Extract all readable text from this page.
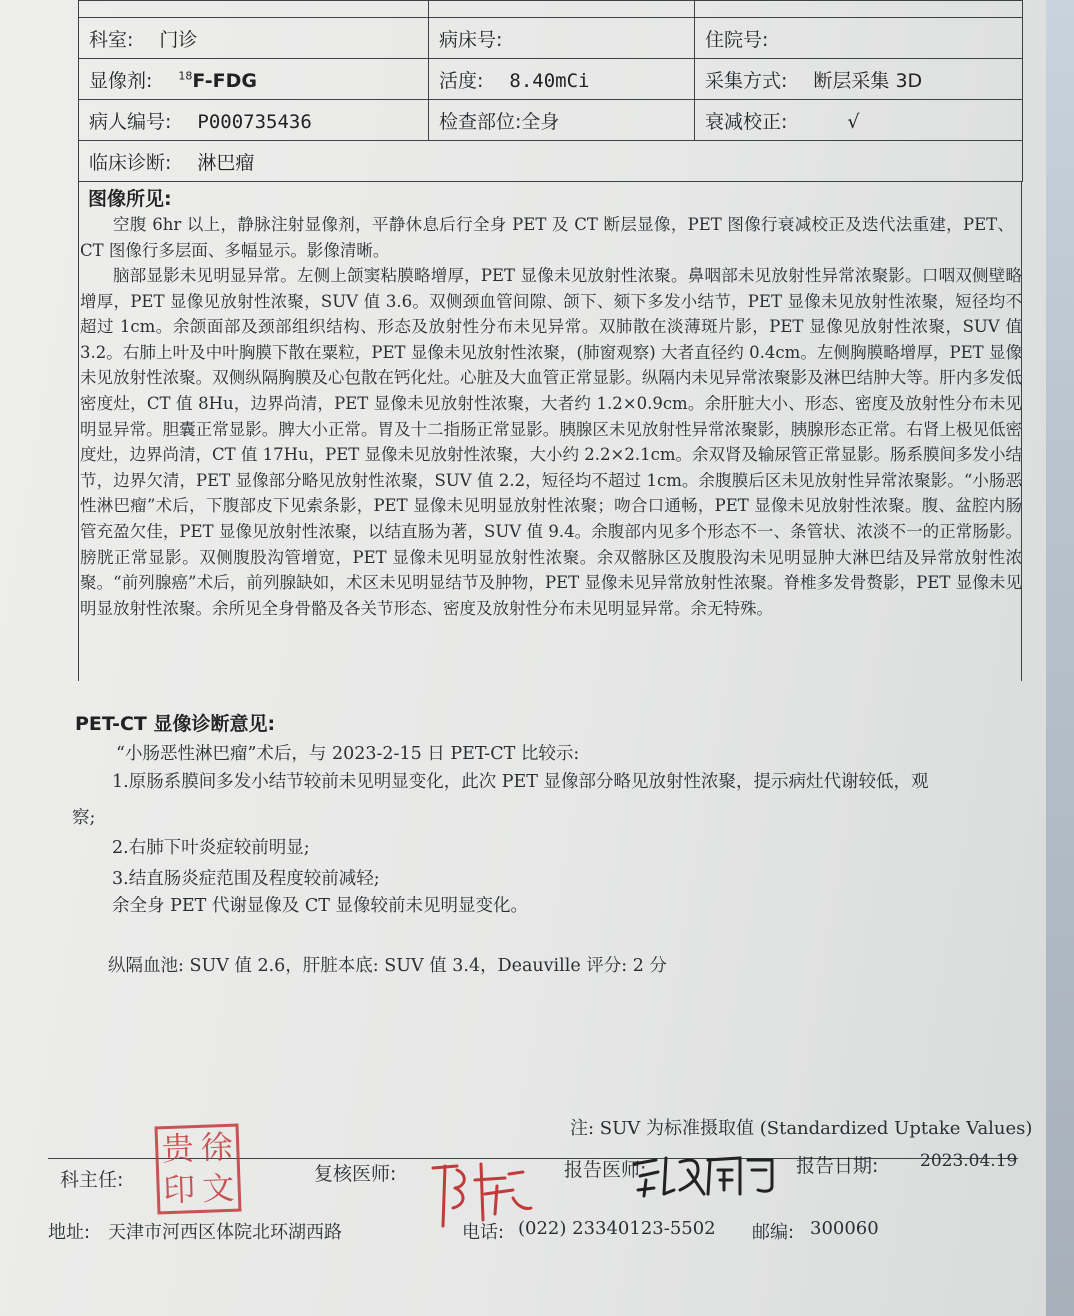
科室: 门诊	病床号:	住院号:
显像剂: $^{18}$F-FDG	活度: 8.40mCi	采集方式: 断层采集 3D
病人编号: P000735436	检查部位:全身	衰减校正: √
临床诊断: 淋巴瘤		
图像所见:

空腹 6hr 以上，静脉注射显像剂，平静休息后行全身 PET 及 CT 断层显像，PET 图像行衰减校正及迭代法重建，PET、CT 图像行多层面、多幅显示。影像清晰。

脑部显影未见明显异常。左侧上颌窦粘膜略增厚，PET 显像未见放射性浓聚。鼻咽部未见放射性异常浓聚影。口咽双侧壁略增厚，PET 显像见放射性浓聚，SUV 值 3.6。双侧颈血管间隙、颌下、颏下多发小结节，PET 显像未见放射性浓聚，短径均不超过 1cm。余颌面部及颈部组织结构、形态及放射性分布未见异常。双肺散在淡薄斑片影，PET 显像见放射性浓聚，SUV 值 3.2。右肺上叶及中叶胸膜下散在粟粒，PET 显像未见放射性浓聚，(肺窗观察) 大者直径约 0.4cm。左侧胸膜略增厚，PET 显像未见放射性浓聚。双侧纵隔胸膜及心包散在钙化灶。心脏及大血管正常显影。纵隔内未见异常浓聚影及淋巴结肿大等。肝内多发低密度灶，CT 值 8Hu，边界尚清，PET 显像未见放射性浓聚，大者约 1.2×0.9cm。余肝脏大小、形态、密度及放射性分布未见明显异常。胆囊正常显影。脾大小正常。胃及十二指肠正常显影。胰腺区未见放射性异常浓聚影，胰腺形态正常。右肾上极见低密度灶，边界尚清，CT 值 17Hu，PET 显像未见放射性浓聚，大小约 2.2×2.1cm。余双肾及输尿管正常显影。肠系膜间多发小结节，边界欠清，PET 显像部分略见放射性浓聚，SUV 值 2.2，短径均不超过 1cm。余腹膜后区未见放射性异常浓聚影。“小肠恶性淋巴瘤”术后，下腹部皮下见索条影，PET 显像未见明显放射性浓聚；吻合口通畅，PET 显像未见放射性浓聚。腹、盆腔内肠管充盈欠佳，PET 显像见放射性浓聚，以结直肠为著，SUV 值 9.4。余腹部内见多个形态不一、条管状、浓淡不一的正常肠影。膀胱正常显影。双侧腹股沟管增宽，PET 显像未见明显放射性浓聚。余双髂脉区及腹股沟未见明显肿大淋巴结及异常放射性浓聚。“前列腺癌”术后，前列腺缺如，术区未见明显结节及肿物，PET 显像未见异常放射性浓聚。脊椎多发骨赘影，PET 显像未见明显放射性浓聚。余所见全身骨骼及各关节形态、密度及放射性分布未见明显异常。余无特殊。

PET-CT 显像诊断意见:
“小肠恶性淋巴瘤”术后，与 2023-2-15 日 PET-CT 比较示:
1.原肠系膜间多发小结节较前未见明显变化，此次 PET 显像部分略见放射性浓聚，提示病灶代谢较低，观
察;
2.右肺下叶炎症较前明显;
3.结直肠炎症范围及程度较前减轻;
余全身 PET 代谢显像及 CT 显像较前未见明显变化。
纵隔血池: SUV 值 2.6，肝脏本底: SUV 值 3.4，Deauville 评分: 2 分
注: SUV 为标准摄取值 (Standardized Uptake Values)
科主任:	复核医师:	报告医师:	报告日期: 2023.04.19
贵 徐
印 文
地址: 天津市河西区体院北环湖西路	电话: (022) 23340123-5502 邮编: 300060
